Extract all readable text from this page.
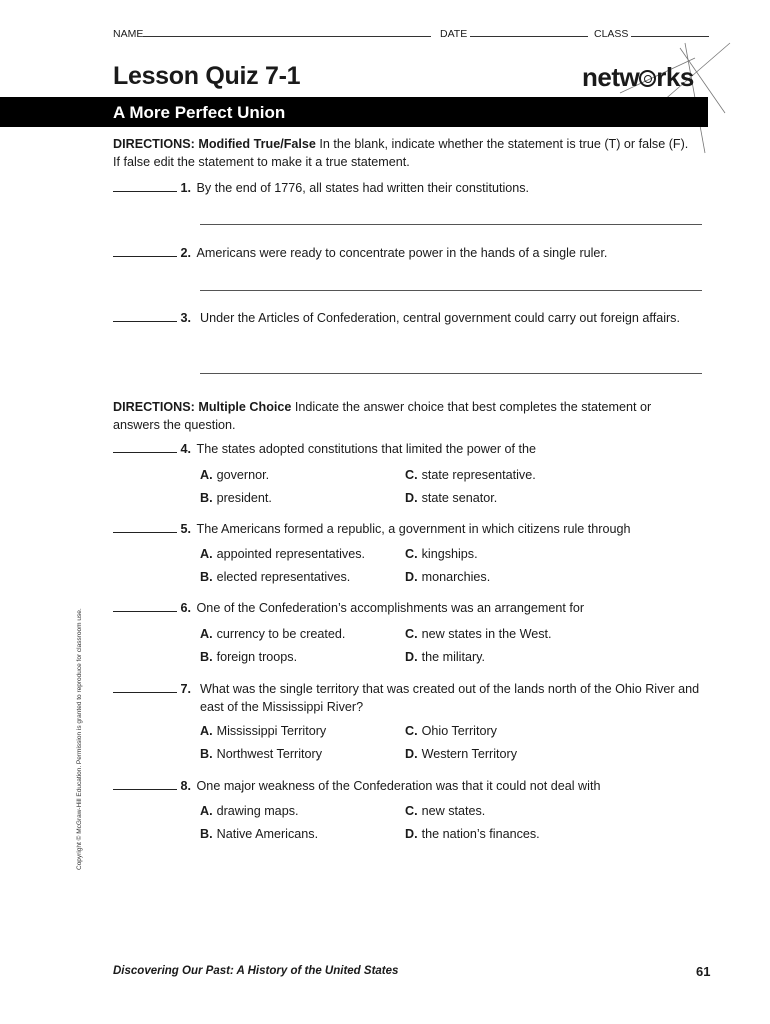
NAME	DATE	CLASS
Lesson Quiz 7-1	netw rks
A More Perfect Union
DIRECTIONS: Modified True/False In the blank, indicate whether the statement is true (T) or false (F). If false edit the statement to make it a true statement.
1. By the end of 1776, all states had written their constitutions.
2. Americans were ready to concentrate power in the hands of a single ruler.
3. Under the Articles of Confederation, central government could carry out foreign affairs.
DIRECTIONS: Multiple Choice Indicate the answer choice that best completes the statement or answers the question.
4. The states adopted constitutions that limited the power of the
A. governor.	C. state representative.
B. president.	D. state senator.
5. The Americans formed a republic, a government in which citizens rule through
A. appointed representatives.	C. kingships.
B. elected representatives.	D. monarchies.
6. One of the Confederation’s accomplishments was an arrangement for
A. currency to be created.	C. new states in the West.
B. foreign troops.	D. the military.
7. What was the single territory that was created out of the lands north of the Ohio River and east of the Mississippi River?
A. Mississippi Territory	C. Ohio Territory
B. Northwest Territory	D. Western Territory
8. One major weakness of the Confederation was that it could not deal with
A. drawing maps.	C. new states.
B. Native Americans.	D. the nation’s finances.
Copyright © McGraw-Hill Education. Permission is granted to reproduce for classroom use.
Discovering Our Past: A History of the United States	61
